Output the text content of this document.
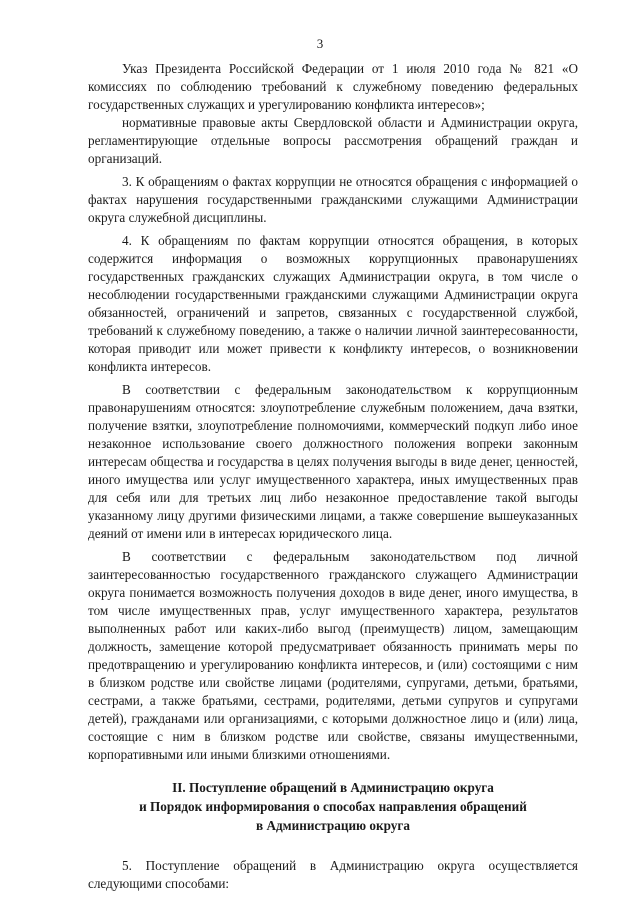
3

Указ Президента Российской Федерации от 1 июля 2010 года № 821 «О комиссиях по соблюдению требований к служебному поведению федеральных государственных служащих и урегулированию конфликта интересов»;

нормативные правовые акты Свердловской области и Администрации округа, регламентирующие отдельные вопросы рассмотрения обращений граждан и организаций.

3. К обращениям о фактах коррупции не относятся обращения с информацией о фактах нарушения государственными гражданскими служащими Администрации округа служебной дисциплины.

4. К обращениям по фактам коррупции относятся обращения, в которых содержится информация о возможных коррупционных правонарушениях государственных гражданских служащих Администрации округа, в том числе о несоблюдении государственными гражданскими служащими Администрации округа обязанностей, ограничений и запретов, связанных с государственной службой, требований к служебному поведению, а также о наличии личной заинтересованности, которая приводит или может привести к конфликту интересов, о возникновении конфликта интересов.

В соответствии с федеральным законодательством к коррупционным правонарушениям относятся: злоупотребление служебным положением, дача взятки, получение взятки, злоупотребление полномочиями, коммерческий подкуп либо иное незаконное использование своего должностного положения вопреки законным интересам общества и государства в целях получения выгоды в виде денег, ценностей, иного имущества или услуг имущественного характера, иных имущественных прав для себя или для третьих лиц либо незаконное предоставление такой выгоды указанному лицу другими физическими лицами, а также совершение вышеуказанных деяний от имени или в интересах юридического лица.

В соответствии с федеральным законодательством под личной заинтересованностью государственного гражданского служащего Администрации округа понимается возможность получения доходов в виде денег, иного имущества, в том числе имущественных прав, услуг имущественного характера, результатов выполненных работ или каких-либо выгод (преимуществ) лицом, замещающим должность, замещение которой предусматривает обязанность принимать меры по предотвращению и урегулированию конфликта интересов, и (или) состоящими с ним в близком родстве или свойстве лицами (родителями, супругами, детьми, братьями, сестрами, а также братьями, сестрами, родителями, детьми супругов и супругами детей), гражданами или организациями, с которыми должностное лицо и (или) лица, состоящие с ним в близком родстве или свойстве, связаны имущественными, корпоративными или иными близкими отношениями.

II. Поступление обращений в Администрацию округа
и Порядок информирования о способах направления обращений
в Администрацию округа

5. Поступление обращений в Администрацию округа осуществляется следующими способами:
